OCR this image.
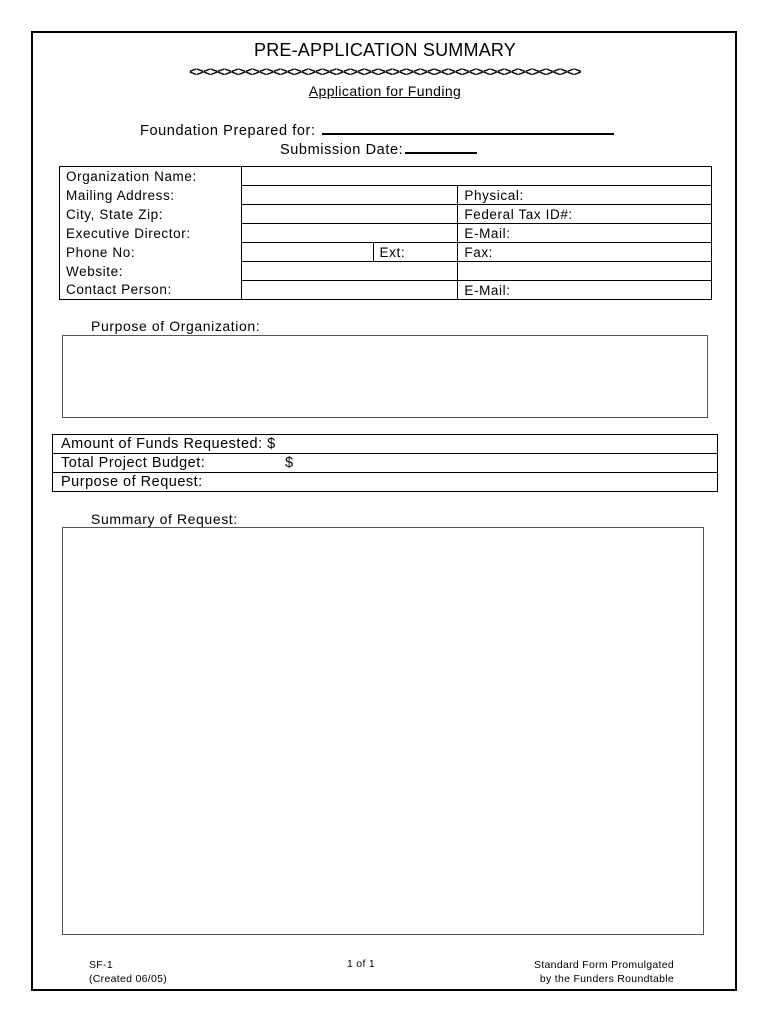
PRE-APPLICATION SUMMARY
<><><><><><><><><><><><><><><><><><><><><><><><><><><><>
Application for Funding
Foundation Prepared for:
Submission Date:
Organization Name:			
Mailing Address:			Physical:
City, State Zip:			Federal Tax ID#:
Executive Director:			E-Mail:
Phone No:		Ext:	Fax:
Website:			
Contact Person:			E-Mail:
Purpose of Organization:
Amount of Funds Requested: $
Total Project Budget:	$

Purpose of Request:
Summary of Request:
SF-1
(Created 06/05)
1 of 1	Standard Form Promulgated
by the Funders Roundtable
